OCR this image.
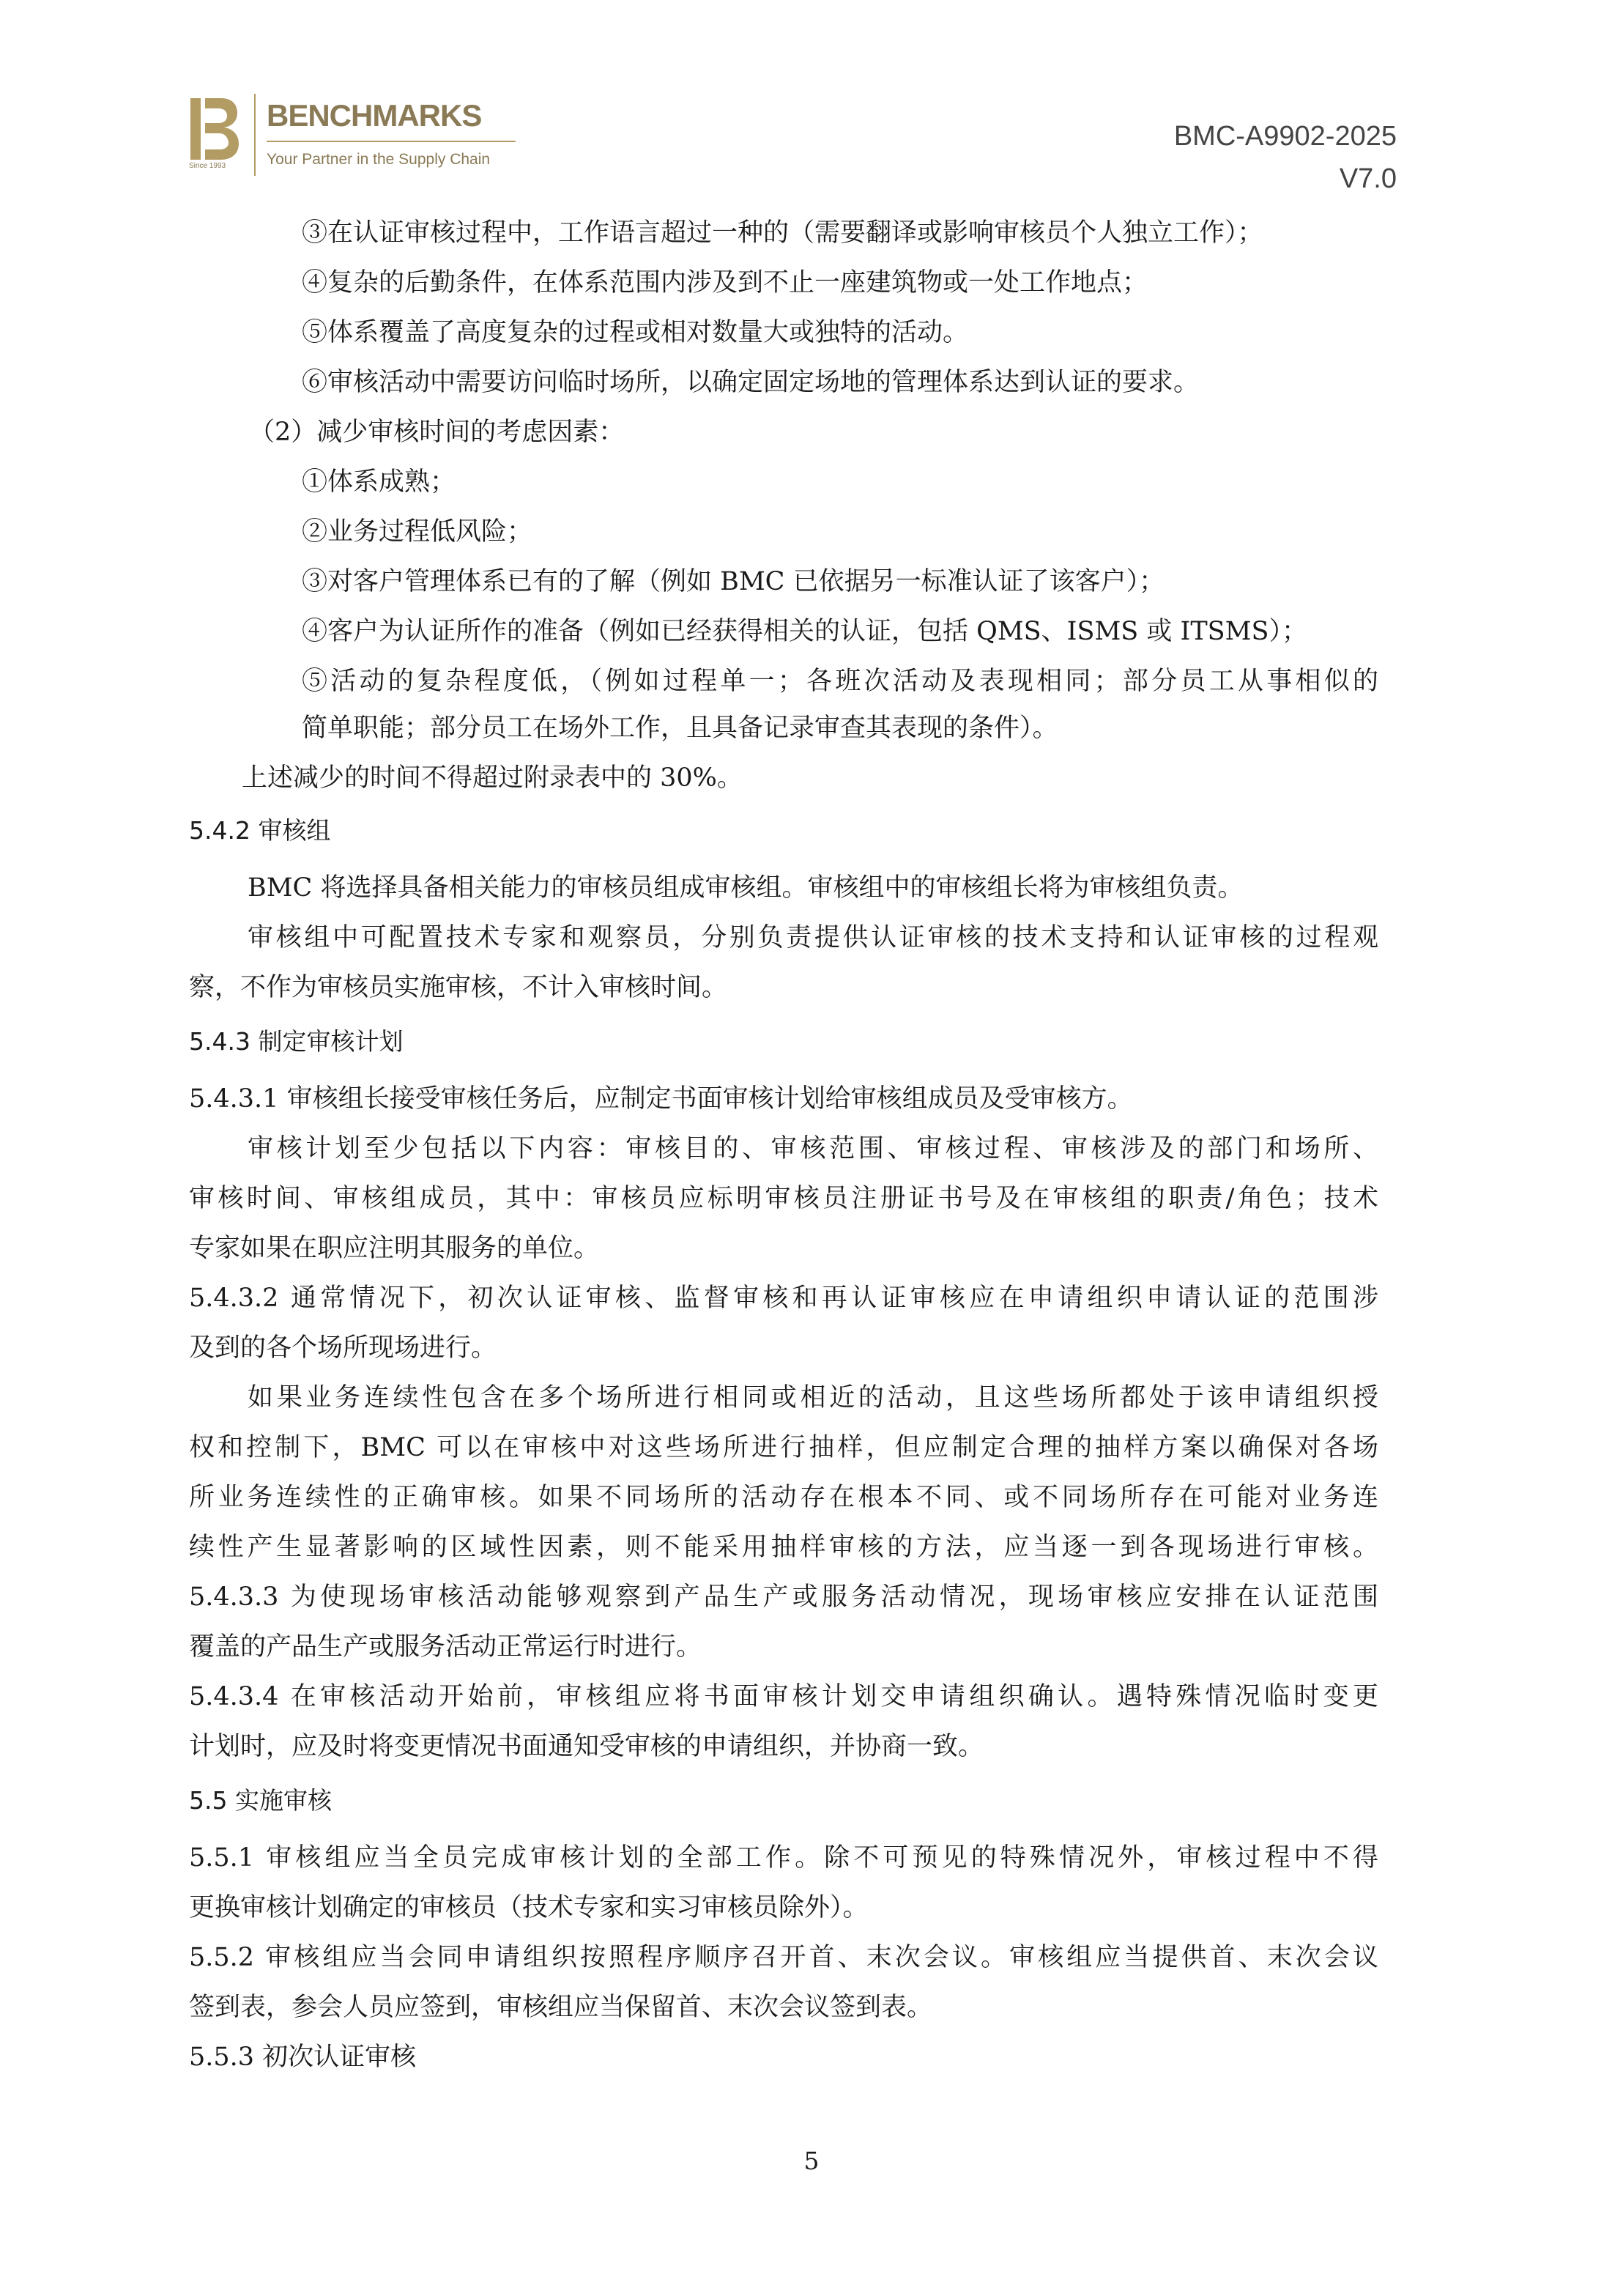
Since 1993
BENCHMARKS
Your Partner in the Supply Chain
BMC-A9902-2025
V7.0
③在认证审核过程中，工作语言超过一种的（需要翻译或影响审核员个人独立工作）；
④复杂的后勤条件，在体系范围内涉及到不止一座建筑物或一处工作地点；
⑤体系覆盖了高度复杂的过程或相对数量大或独特的活动。
⑥审核活动中需要访问临时场所，以确定固定场地的管理体系达到认证的要求。
（2）减少审核时间的考虑因素：
①体系成熟；
②业务过程低风险；
③对客户管理体系已有的了解（例如 BMC 已依据另一标准认证了该客户）；
④客户为认证所作的准备（例如已经获得相关的认证，包括 QMS、ISMS 或 ITSMS）；
⑤活动的复杂程度低，（例如过程单一；各班次活动及表现相同；部分员工从事相似的
简单职能；部分员工在场外工作，且具备记录审查其表现的条件）。
上述减少的时间不得超过附录表中的 30%。
5.4.2 审核组
BMC 将选择具备相关能力的审核员组成审核组。审核组中的审核组长将为审核组负责。
审核组中可配置技术专家和观察员，分别负责提供认证审核的技术支持和认证审核的过程观
察，不作为审核员实施审核，不计入审核时间。
5.4.3 制定审核计划
5.4.3.1 审核组长接受审核任务后，应制定书面审核计划给审核组成员及受审核方。
审核计划至少包括以下内容：审核目的、审核范围、审核过程、审核涉及的部门和场所、
审核时间、审核组成员，其中：审核员应标明审核员注册证书号及在审核组的职责/角色；技术
专家如果在职应注明其服务的单位。
5.4.3.2 通常情况下，初次认证审核、监督审核和再认证审核应在申请组织申请认证的范围涉
及到的各个场所现场进行。
如果业务连续性包含在多个场所进行相同或相近的活动，且这些场所都处于该申请组织授
权和控制下，BMC 可以在审核中对这些场所进行抽样，但应制定合理的抽样方案以确保对各场
所业务连续性的正确审核。如果不同场所的活动存在根本不同、或不同场所存在可能对业务连
续性产生显著影响的区域性因素，则不能采用抽样审核的方法，应当逐一到各现场进行审核。
5.4.3.3 为使现场审核活动能够观察到产品生产或服务活动情况，现场审核应安排在认证范围
覆盖的产品生产或服务活动正常运行时进行。
5.4.3.4 在审核活动开始前，审核组应将书面审核计划交申请组织确认。遇特殊情况临时变更
计划时，应及时将变更情况书面通知受审核的申请组织，并协商一致。
5.5 实施审核
5.5.1 审核组应当全员完成审核计划的全部工作。除不可预见的特殊情况外，审核过程中不得
更换审核计划确定的审核员（技术专家和实习审核员除外）。
5.5.2 审核组应当会同申请组织按照程序顺序召开首、末次会议。审核组应当提供首、末次会议
签到表，参会人员应签到，审核组应当保留首、末次会议签到表。
5.5.3 初次认证审核
5
